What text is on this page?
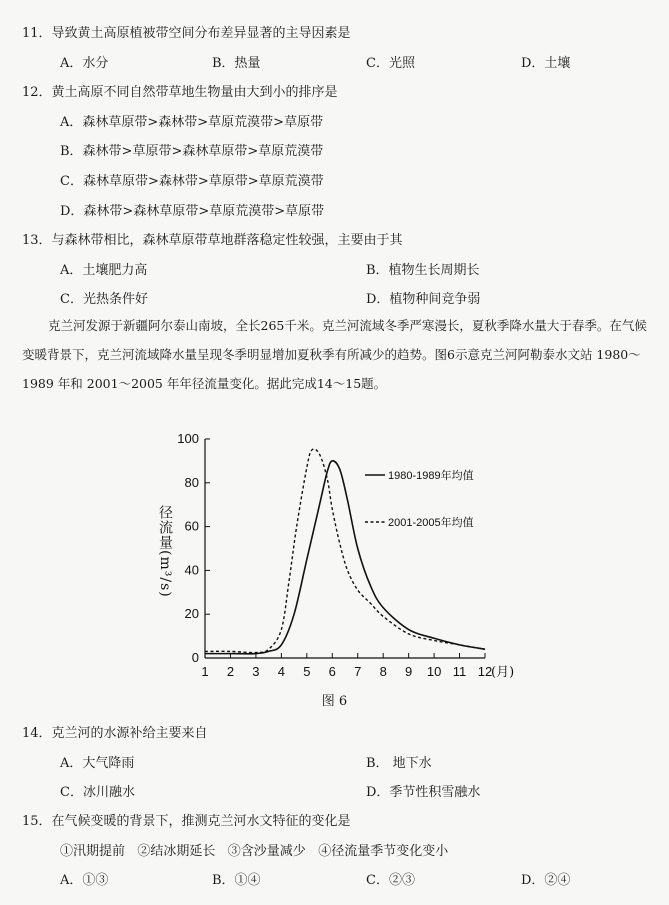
11．导致黄土高原植被带空间分布差异显著的主导因素是
A．水分	B．热量	C．光照	D．土壤
12．黄土高原不同自然带草地生物量由大到小的排序是
A．森林草原带>森林带>草原荒漠带>草原带
B．森林带>草原带>森林草原带>草原荒漠带
C．森林草原带>森林带>草原带>草原荒漠带
D．森林带>森林草原带>草原荒漠带>草原带
13．与森林带相比，森林草原带草地群落稳定性较强，主要由于其
A．土壤肥力高	B．植物生长周期长
C．光热条件好	D．植物种间竞争弱
克兰河发源于新疆阿尔泰山南坡，全长265千米。克兰河流域冬季严寒漫长，夏秋季降水量大于春季。在气候变暖背景下，克兰河流域降水量呈现冬季明显增加夏秋季有所减少的趋势。图6示意克兰河阿勒泰水文站 1980～1989 年和 2001～2005 年年径流量变化。据此完成14～15题。
0
20
40
60
80
100
1 2 3 4 5 6 7 8 9 10 11 12
1980-1989年均值
2001-2005年均值
径流量(m³/s)
(月)
图 6
14．克兰河的水源补给主要来自
A．大气降雨	B． 地下水
C．冰川融水	D．季节性积雪融水
15．在气候变暖的背景下，推测克兰河水文特征的变化是
①汛期提前   ②结冰期延长   ③含沙量减少   ④径流量季节变化变小
A．①③	B．①④	C．②③	D．②④
